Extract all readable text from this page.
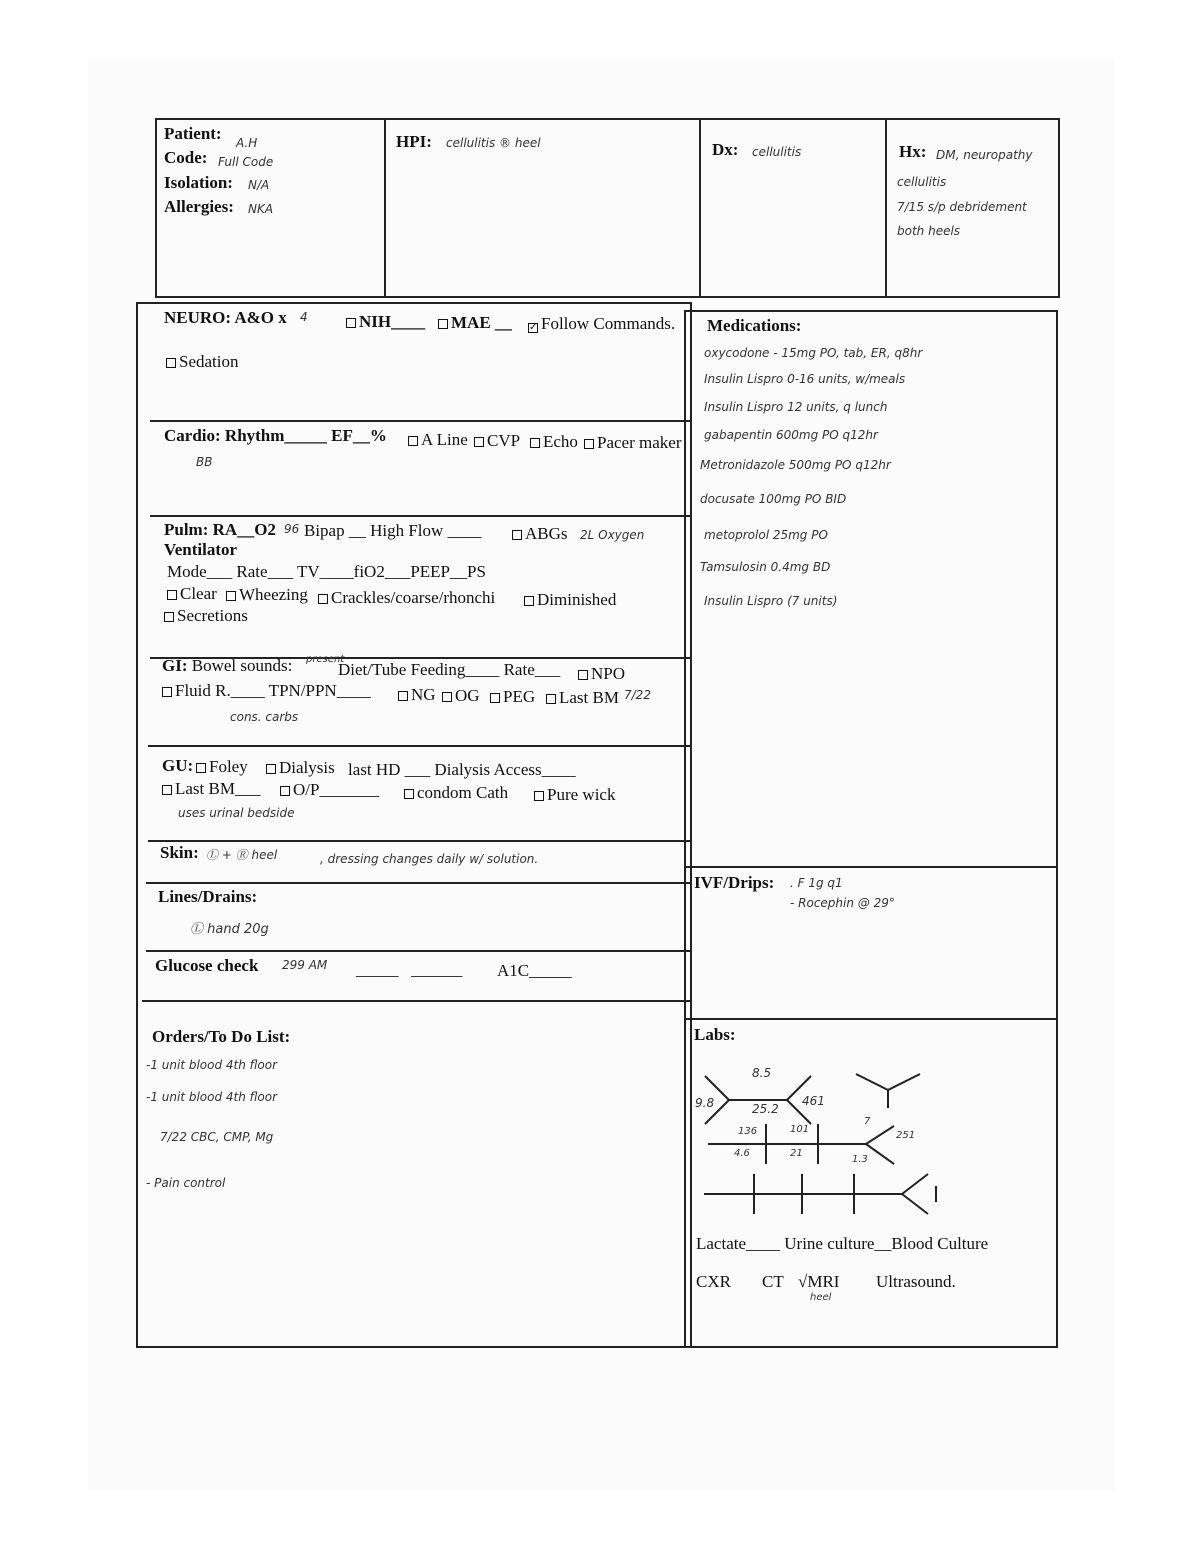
Patient: A.H
Code: Full Code
Isolation: N/A
Allergies: NKA
HPI: cellulitis ® heel	Dx: cellulitis	Hx: DM, neuropathy
cellulitis
7/15 s/p debridement
both heels
NEURO: A&O x 4	NIH____	MAE __ ✓ Follow Commands.
Sedation
Cardio: Rhythm_____ EF__%	A Line	CVP	Echo	Pacer maker
BB
Pulm: RA__O2 96 Bipap __ High Flow ____	ABGs 2L Oxygen
Ventilator
Mode___ Rate___ TV____fiO2___PEEP__PS
Clear	Wheezing	Crackles/coarse/rhonchi	Diminished
Secretions
GI: Bowel sounds: present
Diet/Tube Feeding____ Rate___	NPO
Fluid R.____ TPN/PPN____	NG	OG	PEG	Last BM 7/22
cons. carbs
GU: Foley	Dialysis last HD ___ Dialysis Access____
Last BM___	O/P_______	condom Cath	Pure wick
uses urinal bedside
Skin: Ⓛ + Ⓡ heel	, dressing changes daily w/ solution.
Lines/Drains:
Ⓛ hand 20g
Glucose check 299 AM _____   ______ A1C_____
Orders/To Do List:
-1 unit blood 4th floor
-1 unit blood 4th floor
7/22 CBC, CMP, Mg
- Pain control
Medications:
oxycodone - 15mg PO, tab, ER, q8hr
Insulin Lispro 0-16 units, w/meals
Insulin Lispro 12 units, q lunch
gabapentin 600mg PO q12hr
Metronidazole 500mg PO q12hr
docusate 100mg PO BID
metoprolol 25mg PO
Tamsulosin 0.4mg BD
Insulin Lispro (7 units)
IVF/Drips: . F 1g q1
- Rocephin @ 29°
Labs:
9.8
8.5
25.2
461
136
4.6
101
21
7
1.3
251
Lactate____ Urine culture__Blood Culture
CXR CT √MRI Ultrasound.
heel
